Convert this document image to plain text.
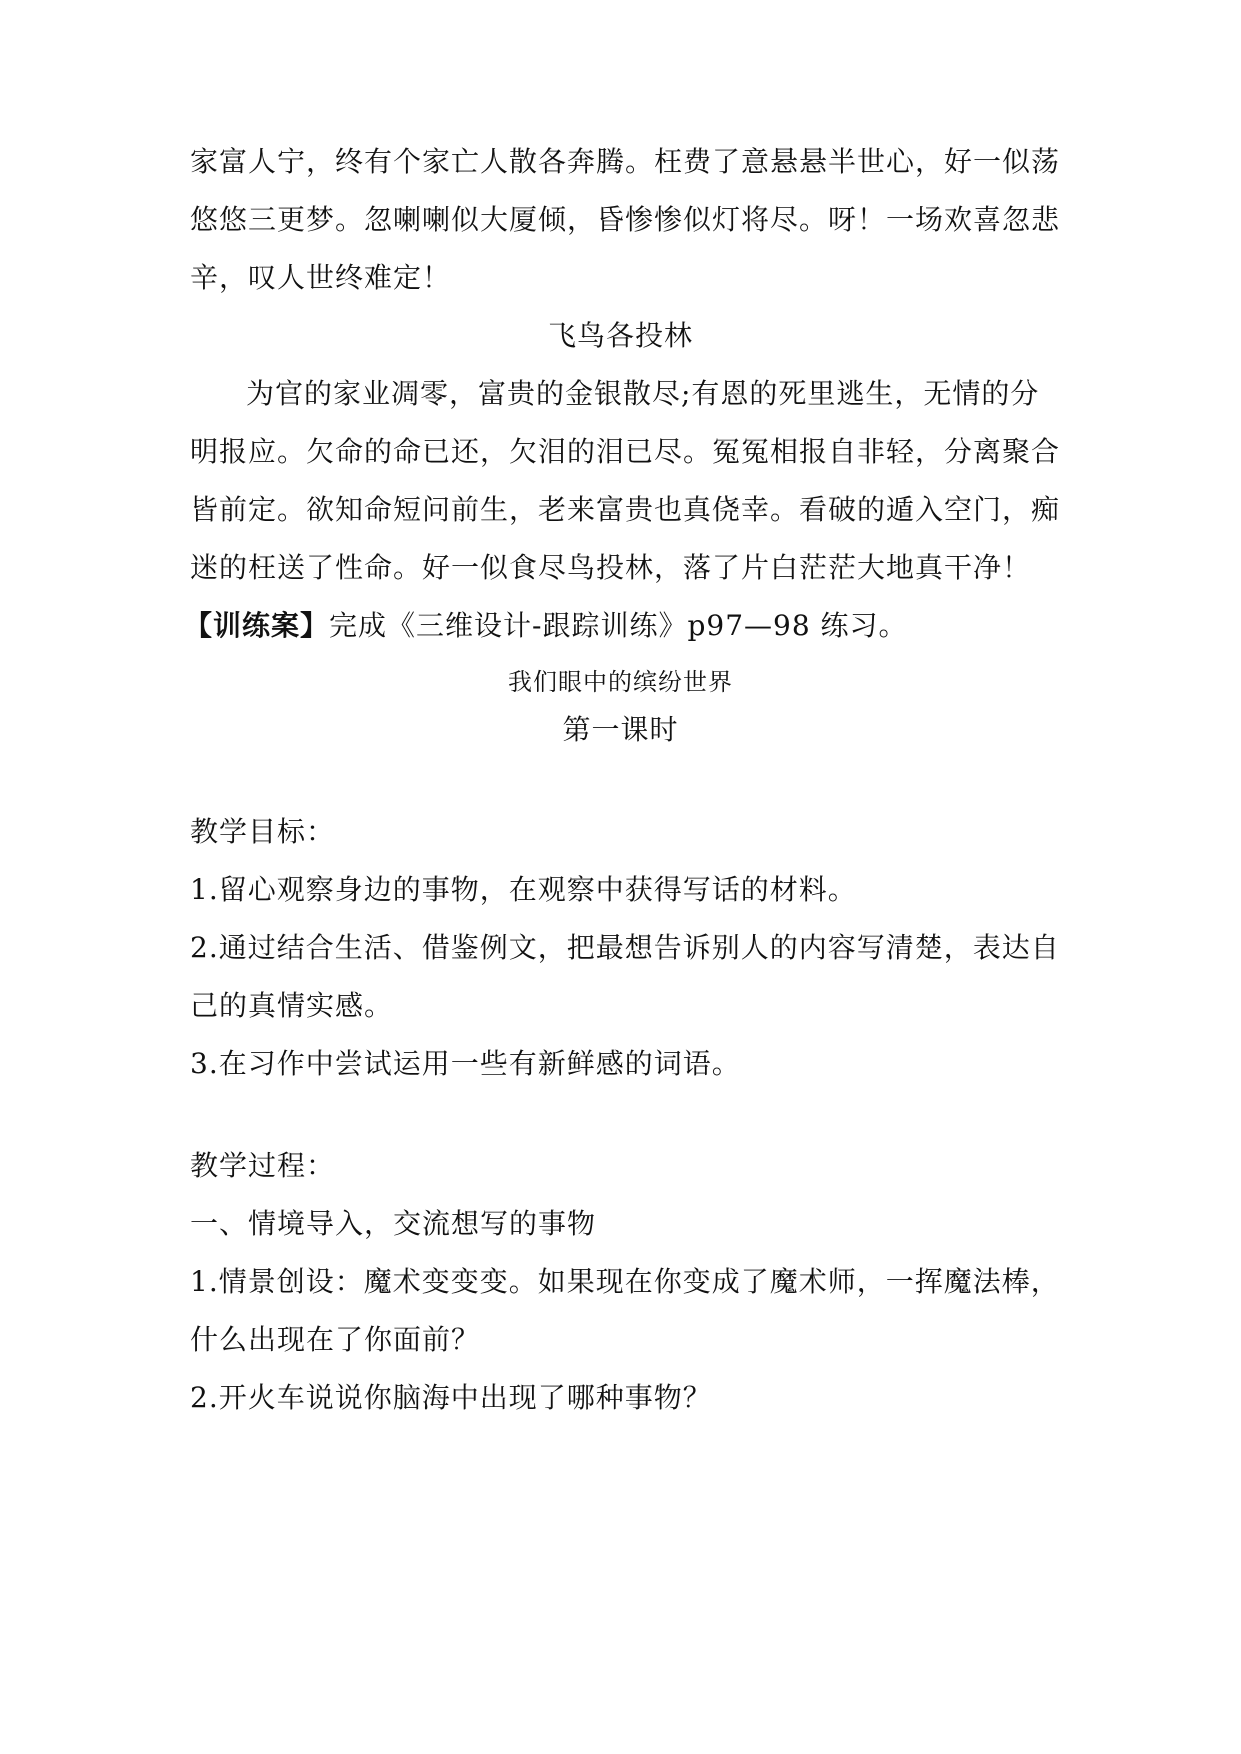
家富人宁，终有个家亡人散各奔腾。枉费了意悬悬半世心，好一似荡
悠悠三更梦。忽喇喇似大厦倾，昏惨惨似灯将尽。呀！一场欢喜忽悲
辛，叹人世终难定！
飞鸟各投林
为官的家业凋零，富贵的金银散尽;有恩的死里逃生，无情的分
明报应。欠命的命已还，欠泪的泪已尽。冤冤相报自非轻，分离聚合
皆前定。欲知命短问前生，老来富贵也真侥幸。看破的遁入空门，痴
迷的枉送了性命。好一似食尽鸟投林，落了片白茫茫大地真干净！
【训练案】完成《三维设计-跟踪训练》p97—98 练习。
我们眼中的缤纷世界
第一课时
教学目标：
1.留心观察身边的事物，在观察中获得写话的材料。
2.通过结合生活、借鉴例文，把最想告诉别人的内容写清楚，表达自
己的真情实感。
3.在习作中尝试运用一些有新鲜感的词语。
教学过程：
一、情境导入，交流想写的事物
1.情景创设：魔术变变变。如果现在你变成了魔术师，一挥魔法棒，
什么出现在了你面前？
2.开火车说说你脑海中出现了哪种事物？
